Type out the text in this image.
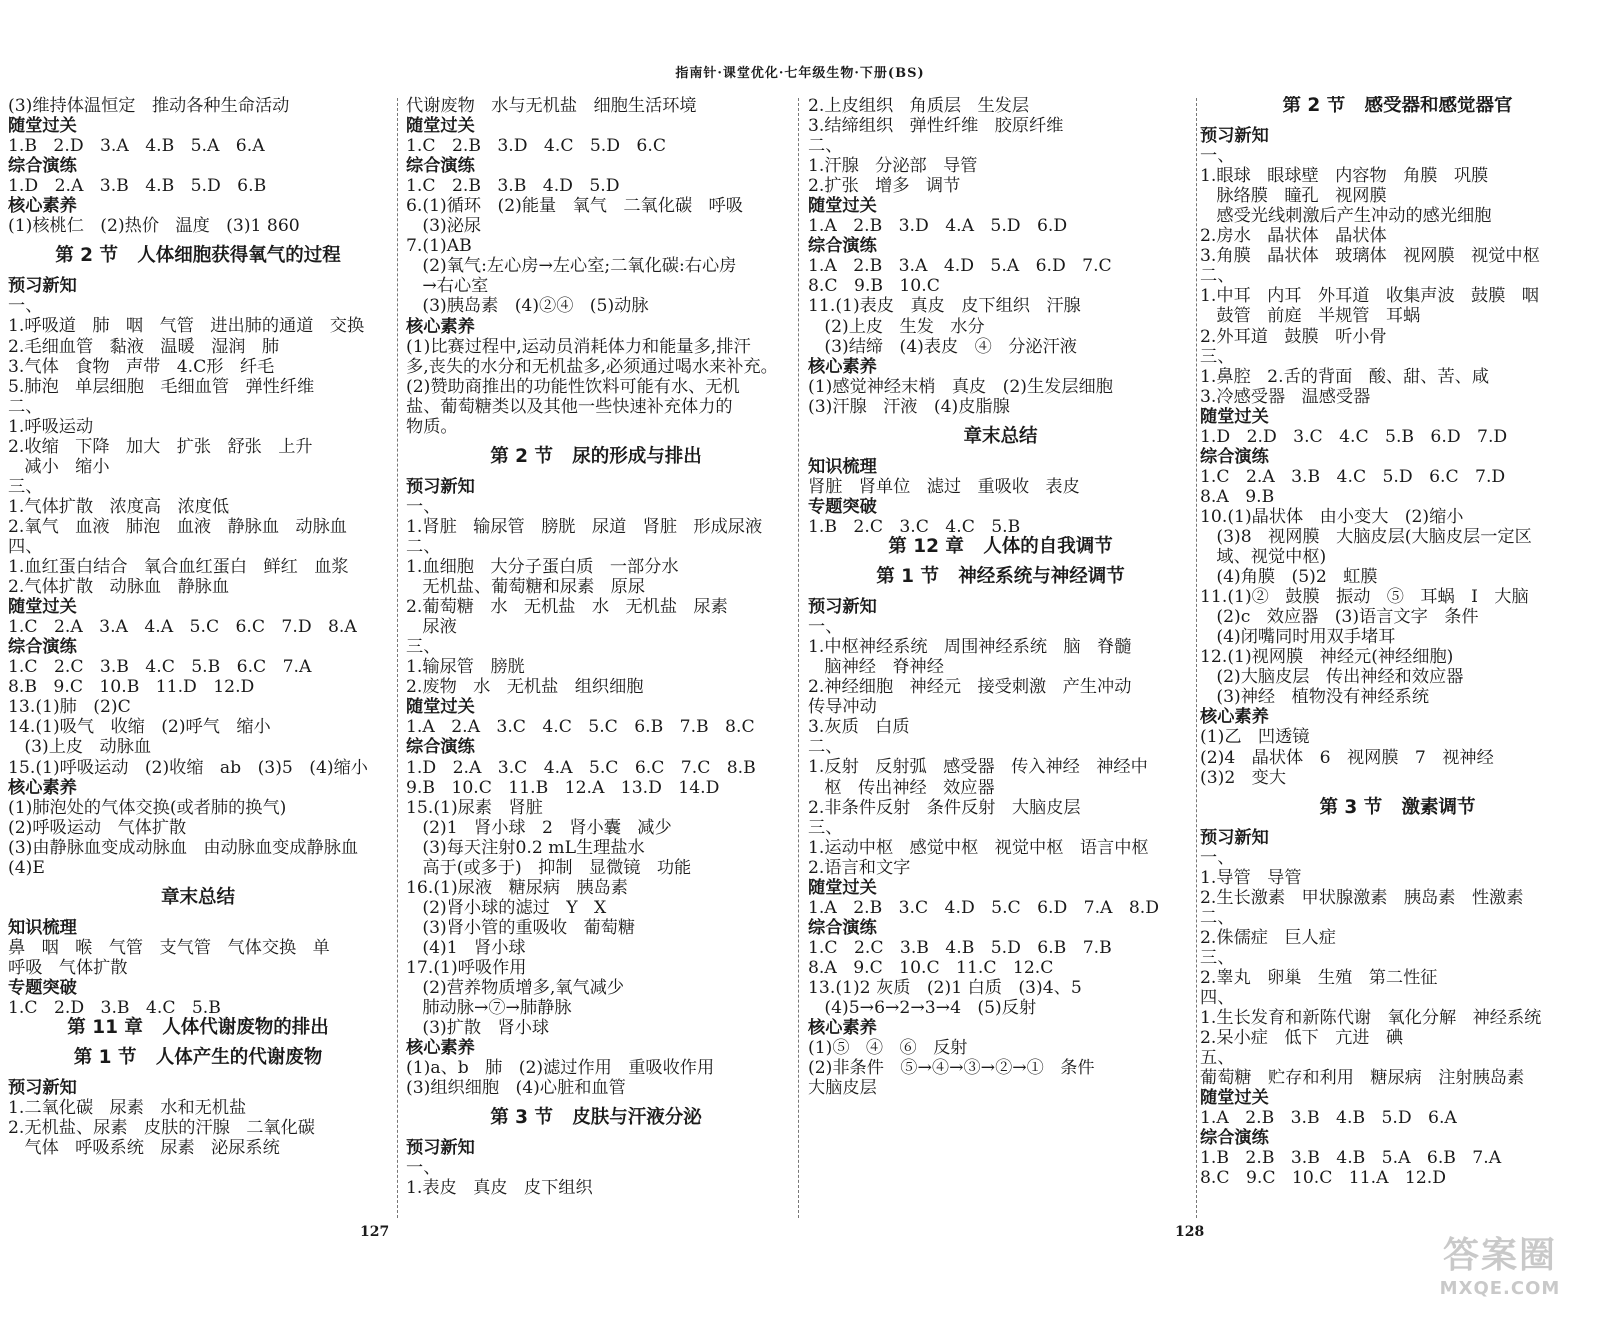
指南针·课堂优化·七年级生物·下册(BS)
(3)维持体温恒定   推动各种生命活动
随堂过关
1.B   2.D   3.A   4.B   5.A   6.A
综合演练
1.D   2.A   3.B   4.B   5.D   6.B
核心素养
(1)核桃仁   (2)热价   温度   (3)1 860
第 2 节   人体细胞获得氧气的过程
预习新知
一、
1.呼吸道   肺   咽   气管   进出肺的通道   交换
2.毛细血管   黏液   温暖   湿润   肺
3.气体   食物   声带   4.C形   纤毛
5.肺泡   单层细胞   毛细血管   弹性纤维
二、
1.呼吸运动
2.收缩   下降   加大   扩张   舒张   上升
减小   缩小
三、
1.气体扩散   浓度高   浓度低
2.氧气   血液   肺泡   血液   静脉血   动脉血
四、
1.血红蛋白结合   氧合血红蛋白   鲜红   血浆
2.气体扩散   动脉血   静脉血
随堂过关
1.C   2.A   3.A   4.A   5.C   6.C   7.D   8.A
综合演练
1.C   2.C   3.B   4.C   5.B   6.C   7.A
8.B   9.C   10.B   11.D   12.D
13.(1)肺   (2)C
14.(1)吸气   收缩   (2)呼气   缩小
(3)上皮   动脉血
15.(1)呼吸运动   (2)收缩   ab   (3)5   (4)缩小
核心素养
(1)肺泡处的气体交换(或者肺的换气)
(2)呼吸运动   气体扩散
(3)由静脉血变成动脉血   由动脉血变成静脉血
(4)E
章末总结
知识梳理
鼻   咽   喉   气管   支气管   气体交换   单
呼吸   气体扩散
专题突破
1.C   2.D   3.B   4.C   5.B
第 11 章   人体代谢废物的排出
第 1 节   人体产生的代谢废物
预习新知
1.二氧化碳   尿素   水和无机盐
2.无机盐、尿素   皮肤的汗腺   二氧化碳
气体   呼吸系统   尿素   泌尿系统
代谢废物   水与无机盐   细胞生活环境
随堂过关
1.C   2.B   3.D   4.C   5.D   6.C
综合演练
1.C   2.B   3.B   4.D   5.D
6.(1)循环   (2)能量   氧气   二氧化碳   呼吸
(3)泌尿
7.(1)AB
(2)氧气:左心房→左心室;二氧化碳:右心房
→右心室
(3)胰岛素   (4)②④   (5)动脉
核心素养
(1)比赛过程中,运动员消耗体力和能量多,排汗
多,丧失的水分和无机盐多,必须通过喝水来补充。
(2)赞助商推出的功能性饮料可能有水、无机
盐、葡萄糖类以及其他一些快速补充体力的
物质。
第 2 节   尿的形成与排出
预习新知
一、
1.肾脏   输尿管   膀胱   尿道   肾脏   形成尿液
二、
1.血细胞   大分子蛋白质   一部分水
无机盐、葡萄糖和尿素   原尿
2.葡萄糖   水   无机盐   水   无机盐   尿素
尿液
三、
1.输尿管   膀胱
2.废物   水   无机盐   组织细胞
随堂过关
1.A   2.A   3.C   4.C   5.C   6.B   7.B   8.C
综合演练
1.D   2.A   3.C   4.A   5.C   6.C   7.C   8.B
9.B   10.C   11.B   12.A   13.D   14.D
15.(1)尿素   肾脏
(2)1   肾小球   2   肾小囊   减少
(3)每天注射0.2 mL生理盐水
高于(或多于)   抑制   显微镜   功能
16.(1)尿液   糖尿病   胰岛素
(2)肾小球的滤过   Y   X
(3)肾小管的重吸收   葡萄糖
(4)1   肾小球
17.(1)呼吸作用
(2)营养物质增多,氧气减少
肺动脉→⑦→肺静脉
(3)扩散   肾小球
核心素养
(1)a、b   肺   (2)滤过作用   重吸收作用
(3)组织细胞   (4)心脏和血管
第 3 节   皮肤与汗液分泌
预习新知
一、
1.表皮   真皮   皮下组织
2.上皮组织   角质层   生发层
3.结缔组织   弹性纤维   胶原纤维
二、
1.汗腺   分泌部   导管
2.扩张   增多   调节
随堂过关
1.A   2.B   3.D   4.A   5.D   6.D
综合演练
1.A   2.B   3.A   4.D   5.A   6.D   7.C
8.C   9.B   10.C
11.(1)表皮   真皮   皮下组织   汗腺
(2)上皮   生发   水分
(3)结缔   (4)表皮   ④   分泌汗液
核心素养
(1)感觉神经末梢   真皮   (2)生发层细胞
(3)汗腺   汗液   (4)皮脂腺
章末总结
知识梳理
肾脏   肾单位   滤过   重吸收   表皮
专题突破
1.B   2.C   3.C   4.C   5.B
第 12 章   人体的自我调节
第 1 节   神经系统与神经调节
预习新知
一、
1.中枢神经系统   周围神经系统   脑   脊髓
脑神经   脊神经
2.神经细胞   神经元   接受刺激   产生冲动
传导冲动
3.灰质   白质
二、
1.反射   反射弧   感受器   传入神经   神经中
枢   传出神经   效应器
2.非条件反射   条件反射   大脑皮层
三、
1.运动中枢   感觉中枢   视觉中枢   语言中枢
2.语言和文字
随堂过关
1.A   2.B   3.C   4.D   5.C   6.D   7.A   8.D
综合演练
1.C   2.C   3.B   4.B   5.D   6.B   7.B
8.A   9.C   10.C   11.C   12.C
13.(1)2 灰质   (2)1 白质   (3)4、5
(4)5→6→2→3→4   (5)反射
核心素养
(1)⑤   ④   ⑥   反射
(2)非条件   ⑤→④→③→②→①   条件
大脑皮层
第 2 节   感受器和感觉器官
预习新知
一、
1.眼球   眼球壁   内容物   角膜   巩膜
脉络膜   瞳孔   视网膜
感受光线刺激后产生冲动的感光细胞
2.房水   晶状体   晶状体
3.角膜   晶状体   玻璃体   视网膜   视觉中枢
二、
1.中耳   内耳   外耳道   收集声波   鼓膜   咽
鼓管   前庭   半规管   耳蜗
2.外耳道   鼓膜   听小骨
三、
1.鼻腔   2.舌的背面   酸、甜、苦、咸
3.冷感受器   温感受器
随堂过关
1.D   2.D   3.C   4.C   5.B   6.D   7.D
综合演练
1.C   2.A   3.B   4.C   5.D   6.C   7.D
8.A   9.B
10.(1)晶状体   由小变大   (2)缩小
(3)8   视网膜   大脑皮层(大脑皮层一定区
域、视觉中枢)
(4)角膜   (5)2   虹膜
11.(1)②   鼓膜   振动   ⑤   耳蜗   Ⅰ   大脑
(2)c   效应器   (3)语言文字   条件
(4)闭嘴同时用双手堵耳
12.(1)视网膜   神经元(神经细胞)
(2)大脑皮层   传出神经和效应器
(3)神经   植物没有神经系统
核心素养
(1)乙   凹透镜
(2)4   晶状体   6   视网膜   7   视神经
(3)2   变大
第 3 节   激素调节
预习新知
一、
1.导管   导管
2.生长激素   甲状腺激素   胰岛素   性激素
二、
2.侏儒症   巨人症
三、
2.睾丸   卵巢   生殖   第二性征
四、
1.生长发育和新陈代谢   氧化分解   神经系统
2.呆小症   低下   亢进   碘
五、
葡萄糖   贮存和利用   糖尿病   注射胰岛素
随堂过关
1.A   2.B   3.B   4.B   5.D   6.A
综合演练
1.B   2.B   3.B   4.B   5.A   6.B   7.A
8.C   9.C   10.C   11.A   12.D
127	128
答案圈
MXQE.COM
